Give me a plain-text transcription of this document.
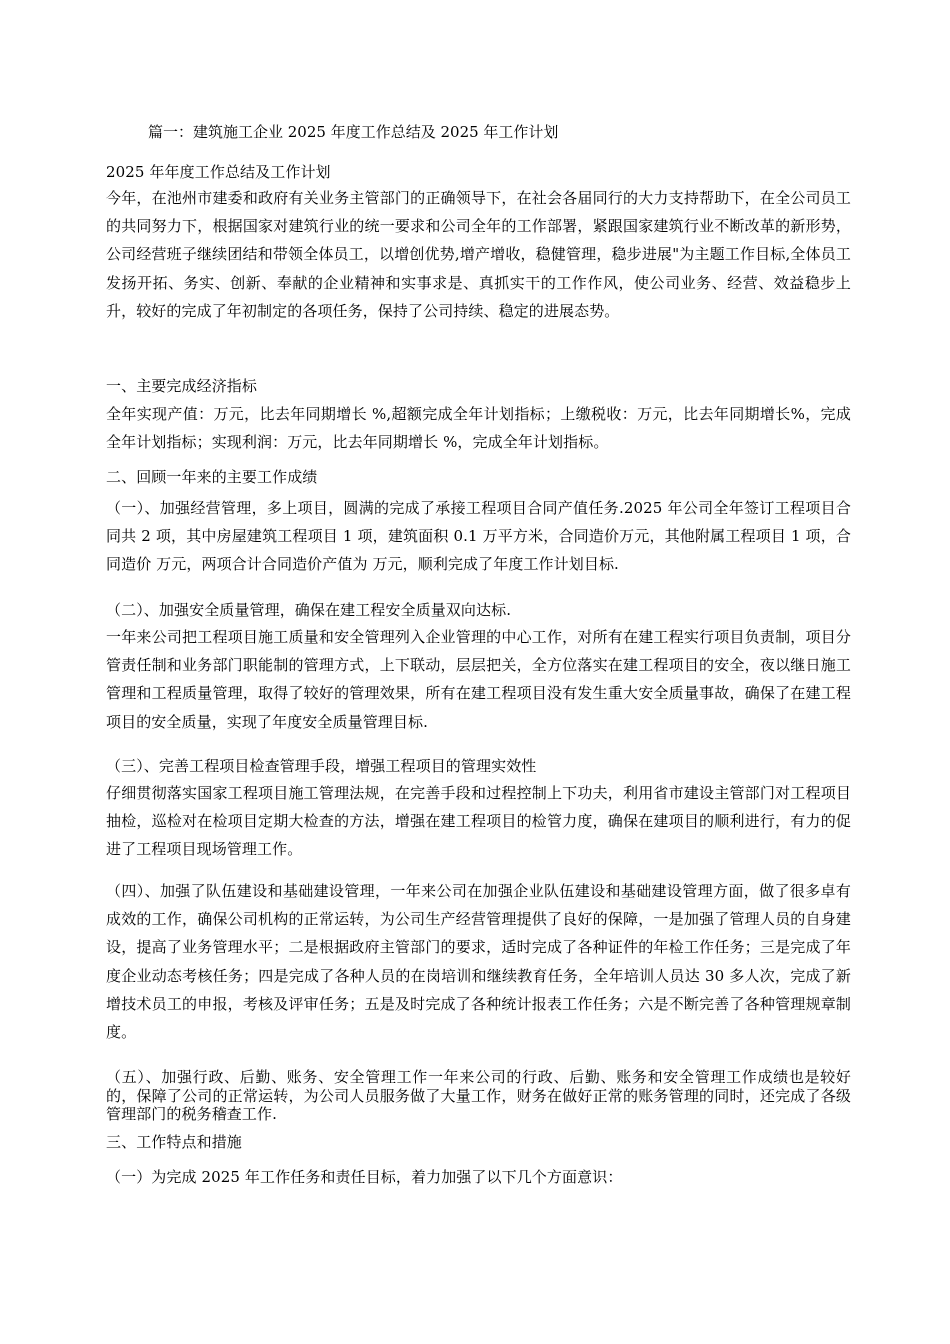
篇一：建筑施工企业 2025 年度工作总结及 2025 年工作计划
2025 年年度工作总结及工作计划
今年，在池州市建委和政府有关业务主管部门的正确领导下，在社会各届同行的大力支持帮助下，在全公司员工的共同努力下，根据国家对建筑行业的统一要求和公司全年的工作部署，紧跟国家建筑行业不断改革的新形势，公司经营班子继续团结和带领全体员工，以增创优势,增产增收，稳健管理，稳步进展"为主题工作目标,全体员工发扬开拓、务实、创新、奉献的企业精神和实事求是、真抓实干的工作作风，使公司业务、经营、效益稳步上升，较好的完成了年初制定的各项任务，保持了公司持续、稳定的进展态势。
一、主要完成经济指标
全年实现产值：万元，比去年同期增长 %,超额完成全年计划指标；上缴税收：万元，比去年同期增长%，完成全年计划指标；实现利润：万元，比去年同期增长 %，完成全年计划指标。
二、回顾一年来的主要工作成绩
（一）、加强经营管理，多上项目，圆满的完成了承接工程项目合同产值任务.2025 年公司全年签订工程项目合同共 2 项，其中房屋建筑工程项目 1 项，建筑面积 0.1 万平方米，合同造价万元，其他附属工程项目 1 项，合同造价 万元，两项合计合同造价产值为 万元，顺利完成了年度工作计划目标.
（二）、加强安全质量管理，确保在建工程安全质量双向达标.
一年来公司把工程项目施工质量和安全管理列入企业管理的中心工作，对所有在建工程实行项目负责制，项目分管责任制和业务部门职能制的管理方式，上下联动，层层把关，全方位落实在建工程项目的安全，夜以继日施工管理和工程质量管理，取得了较好的管理效果，所有在建工程项目没有发生重大安全质量事故，确保了在建工程项目的安全质量，实现了年度安全质量管理目标.
（三）、完善工程项目检查管理手段，增强工程项目的管理实效性
仔细贯彻落实国家工程项目施工管理法规，在完善手段和过程控制上下功夫，利用省市建设主管部门对工程项目抽检，巡检对在检项目定期大检查的方法，增强在建工程项目的检管力度，确保在建项目的顺利进行，有力的促进了工程项目现场管理工作。
（四）、加强了队伍建设和基础建设管理，一年来公司在加强企业队伍建设和基础建设管理方面，做了很多卓有成效的工作，确保公司机构的正常运转，为公司生产经营管理提供了良好的保障，一是加强了管理人员的自身建设，提高了业务管理水平；二是根据政府主管部门的要求，适时完成了各种证件的年检工作任务；三是完成了年度企业动态考核任务；四是完成了各种人员的在岗培训和继续教育任务，全年培训人员达 30 多人次，完成了新增技术员工的申报，考核及评审任务；五是及时完成了各种统计报表工作任务；六是不断完善了各种管理规章制度。
（五）、加强行政、后勤、账务、安全管理工作一年来公司的行政、后勤、账务和安全管理工作成绩也是较好的，保障了公司的正常运转，为公司人员服务做了大量工作，财务在做好正常的账务管理的同时，还完成了各级管理部门的税务稽查工作.
三、工作特点和措施
（一）为完成 2025 年工作任务和责任目标，着力加强了以下几个方面意识：
